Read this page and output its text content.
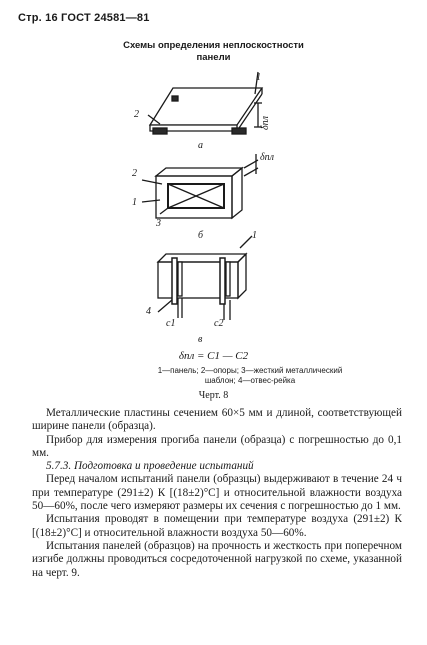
Стр. 16 ГОСТ 24581—81
Схемы определения неплоскостности
панели
1
2
δпл
а
2
1
3
δпл
б	1
4
c1	c2
в
δпл = C1 — C2
1—панель; 2—опоры; 3—жесткий металлический
шаблон; 4—отвес-рейка
Черт. 8

Металлические пластины сечением 60×5 мм и длиной, соответствующей ширине панели (образца).

Прибор для измерения прогиба панели (образца) с погрешностью до 0,1 мм.

5.7.3. Подготовка и проведение испытаний

Перед началом испытаний панели (образцы) выдерживают в течение 24 ч при температуре (291±2) К [(18±2)°С] и относительной влажности воздуха 50—60%, после чего измеряют размеры их сечения с погрешностью до 1 мм.

Испытания проводят в помещении при температуре воздуха (291±2) К [(18±2)°С] и относительной влажности воздуха 50—60%.

Испытания панелей (образцов) на прочность и жесткость при поперечном изгибе должны проводиться сосредоточенной нагрузкой по схеме, указанной на черт. 9.
